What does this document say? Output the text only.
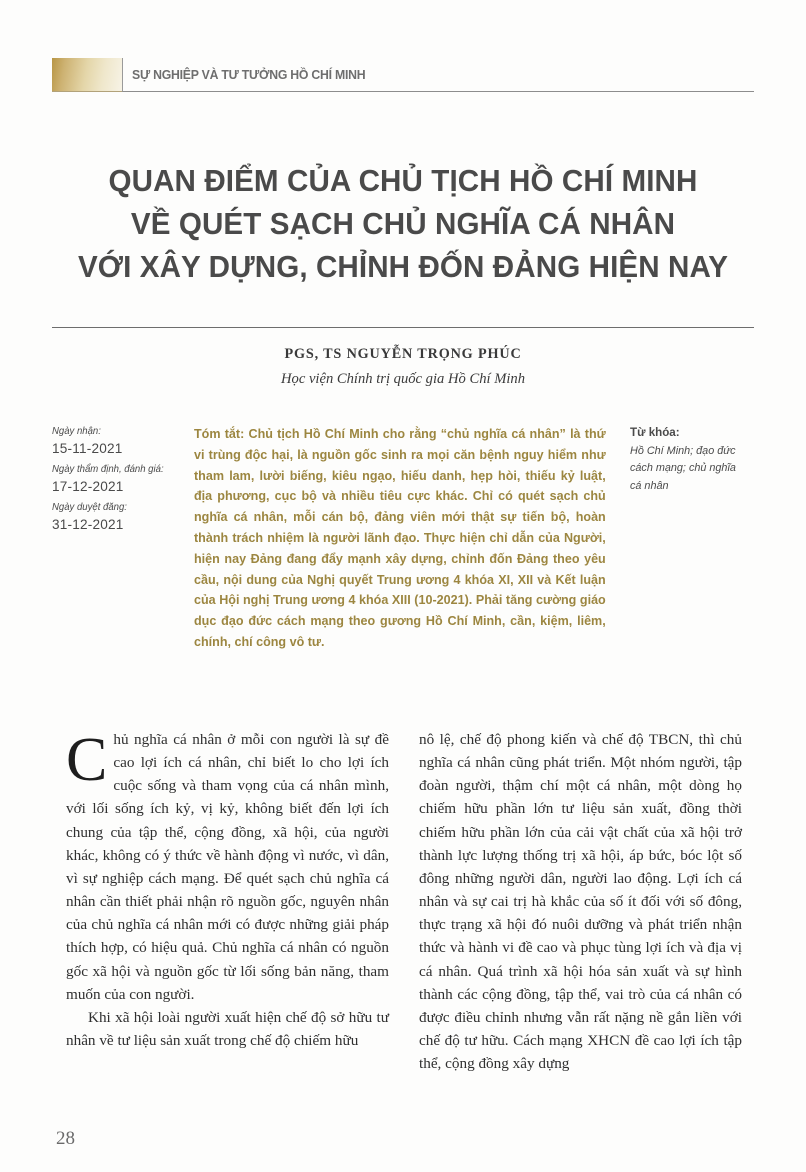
SỰ NGHIỆP VÀ TƯ TƯỞNG HỒ CHÍ MINH
QUAN ĐIỂM CỦA CHỦ TỊCH HỒ CHÍ MINH
VỀ QUÉT SẠCH CHỦ NGHĨA CÁ NHÂN
VỚI XÂY DỰNG, CHỈNH ĐỐN ĐẢNG HIỆN NAY
PGS, TS NGUYỄN TRỌNG PHÚC
Học viện Chính trị quốc gia Hồ Chí Minh
Ngày nhận:
15-11-2021
Ngày thẩm định, đánh giá:
17-12-2021
Ngày duyệt đăng:
31-12-2021
Tóm tắt: Chủ tịch Hồ Chí Minh cho rằng “chủ nghĩa cá nhân” là thứ vi trùng độc hại, là nguồn gốc sinh ra mọi căn bệnh nguy hiểm như tham lam, lười biếng, kiêu ngạo, hiếu danh, hẹp hòi, thiếu kỷ luật, địa phương, cục bộ và nhiều tiêu cực khác. Chỉ có quét sạch chủ nghĩa cá nhân, mỗi cán bộ, đảng viên mới thật sự tiến bộ, hoàn thành trách nhiệm là người lãnh đạo. Thực hiện chỉ dẫn của Người, hiện nay Đảng đang đẩy mạnh xây dựng, chỉnh đốn Đảng theo yêu cầu, nội dung của Nghị quyết Trung ương 4 khóa XI, XII và Kết luận của Hội nghị Trung ương 4 khóa XIII (10-2021). Phải tăng cường giáo dục đạo đức cách mạng theo gương Hồ Chí Minh, cần, kiệm, liêm, chính, chí công vô tư.
Từ khóa:
Hồ Chí Minh; đạo đức cách mạng; chủ nghĩa cá nhân

Chủ nghĩa cá nhân ở mỗi con người là sự đề cao lợi ích cá nhân, chỉ biết lo cho lợi ích cuộc sống và tham vọng của cá nhân mình, với lối sống ích kỷ, vị kỷ, không biết đến lợi ích chung của tập thể, cộng đồng, xã hội, của người khác, không có ý thức về hành động vì nước, vì dân, vì sự nghiệp cách mạng. Để quét sạch chủ nghĩa cá nhân cần thiết phải nhận rõ nguồn gốc, nguyên nhân của chủ nghĩa cá nhân mới có được những giải pháp thích hợp, có hiệu quả. Chủ nghĩa cá nhân có nguồn gốc xã hội và nguồn gốc từ lối sống bản năng, tham muốn của con người.

Khi xã hội loài người xuất hiện chế độ sở hữu tư nhân về tư liệu sản xuất trong chế độ chiếm hữu

nô lệ, chế độ phong kiến và chế độ TBCN, thì chủ nghĩa cá nhân cũng phát triển. Một nhóm người, tập đoàn người, thậm chí một cá nhân, một dòng họ chiếm hữu phần lớn tư liệu sản xuất, đồng thời chiếm hữu phần lớn của cải vật chất của xã hội trở thành lực lượng thống trị xã hội, áp bức, bóc lột số đông những người dân, người lao động. Lợi ích cá nhân và sự cai trị hà khắc của số ít đối với số đông, thực trạng xã hội đó nuôi dưỡng và phát triển nhận thức và hành vi đề cao và phục tùng lợi ích và địa vị cá nhân. Quá trình xã hội hóa sản xuất và sự hình thành các cộng đồng, tập thể, vai trò của cá nhân có được điều chỉnh nhưng vẫn rất nặng nề gắn liền với chế độ tư hữu. Cách mạng XHCN đề cao lợi ích tập thể, cộng đồng xây dựng

28
